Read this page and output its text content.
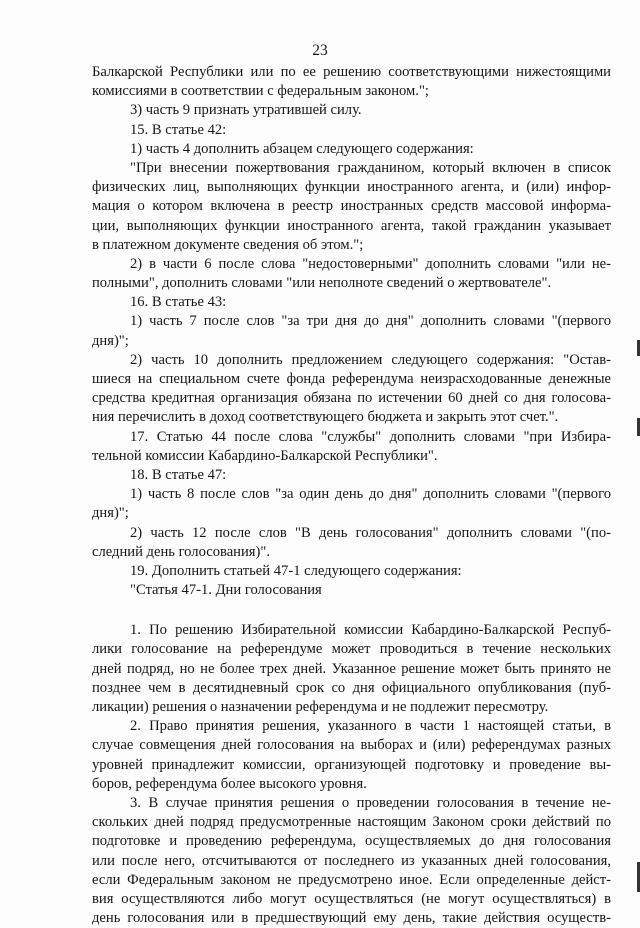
23
Балкарской Республики или по ее решению соответствующими нижестоящими
комиссиями в соответствии с федеральным законом.";
3) часть 9 признать утратившей силу.
15. В статье 42:
1) часть 4 дополнить абзацем следующего содержания:
"При внесении пожертвования гражданином, который включен в список
физических лиц, выполняющих функции иностранного агента, и (или) инфор-
мация о котором включена в реестр иностранных средств массовой информа-
ции, выполняющих функции иностранного агента, такой гражданин указывает
в платежном документе сведения об этом.";
2) в части 6 после слова "недостоверными" дополнить словами "или не-
полными", дополнить словами "или неполноте сведений о жертвователе".
16. В статье 43:
1) часть 7 после слов "за три дня до дня" дополнить словами "(первого
дня)";
2) часть 10 дополнить предложением следующего содержания: "Остав-
шиеся на специальном счете фонда референдума неизрасходованные денежные
средства кредитная организация обязана по истечении 60 дней со дня голосова-
ния перечислить в доход соответствующего бюджета и закрыть этот счет.".
17. Статью 44 после слова "службы" дополнить словами "при Избира-
тельной комиссии Кабардино-Балкарской Республики".
18. В статье 47:
1) часть 8 после слов "за один день до дня" дополнить словами "(первого
дня)";
2) часть 12 после слов "В день голосования" дополнить словами "(по-
следний день голосования)".
19. Дополнить статьей 47-1 следующего содержания:
"Статья 47-1. Дни голосования
1. По решению Избирательной комиссии Кабардино-Балкарской Респуб-
лики голосование на референдуме может проводиться в течение нескольких
дней подряд, но не более трех дней. Указанное решение может быть принято не
позднее чем в десятидневный срок со дня официального опубликования (пуб-
ликации) решения о назначении референдума и не подлежит пересмотру.
2. Право принятия решения, указанного в части 1 настоящей статьи, в
случае совмещения дней голосования на выборах и (или) референдумах разных
уровней принадлежит комиссии, организующей подготовку и проведение вы-
боров, референдума более высокого уровня.
3. В случае принятия решения о проведении голосования в течение не-
скольких дней подряд предусмотренные настоящим Законом сроки действий по
подготовке и проведению референдума, осуществляемых до дня голосования
или после него, отсчитываются от последнего из указанных дней голосования,
если Федеральным законом не предусмотрено иное. Если определенные дейст-
вия осуществляются либо могут осуществляться (не могут осуществляться) в
день голосования или в предшествующий ему день, такие действия осуществ-
